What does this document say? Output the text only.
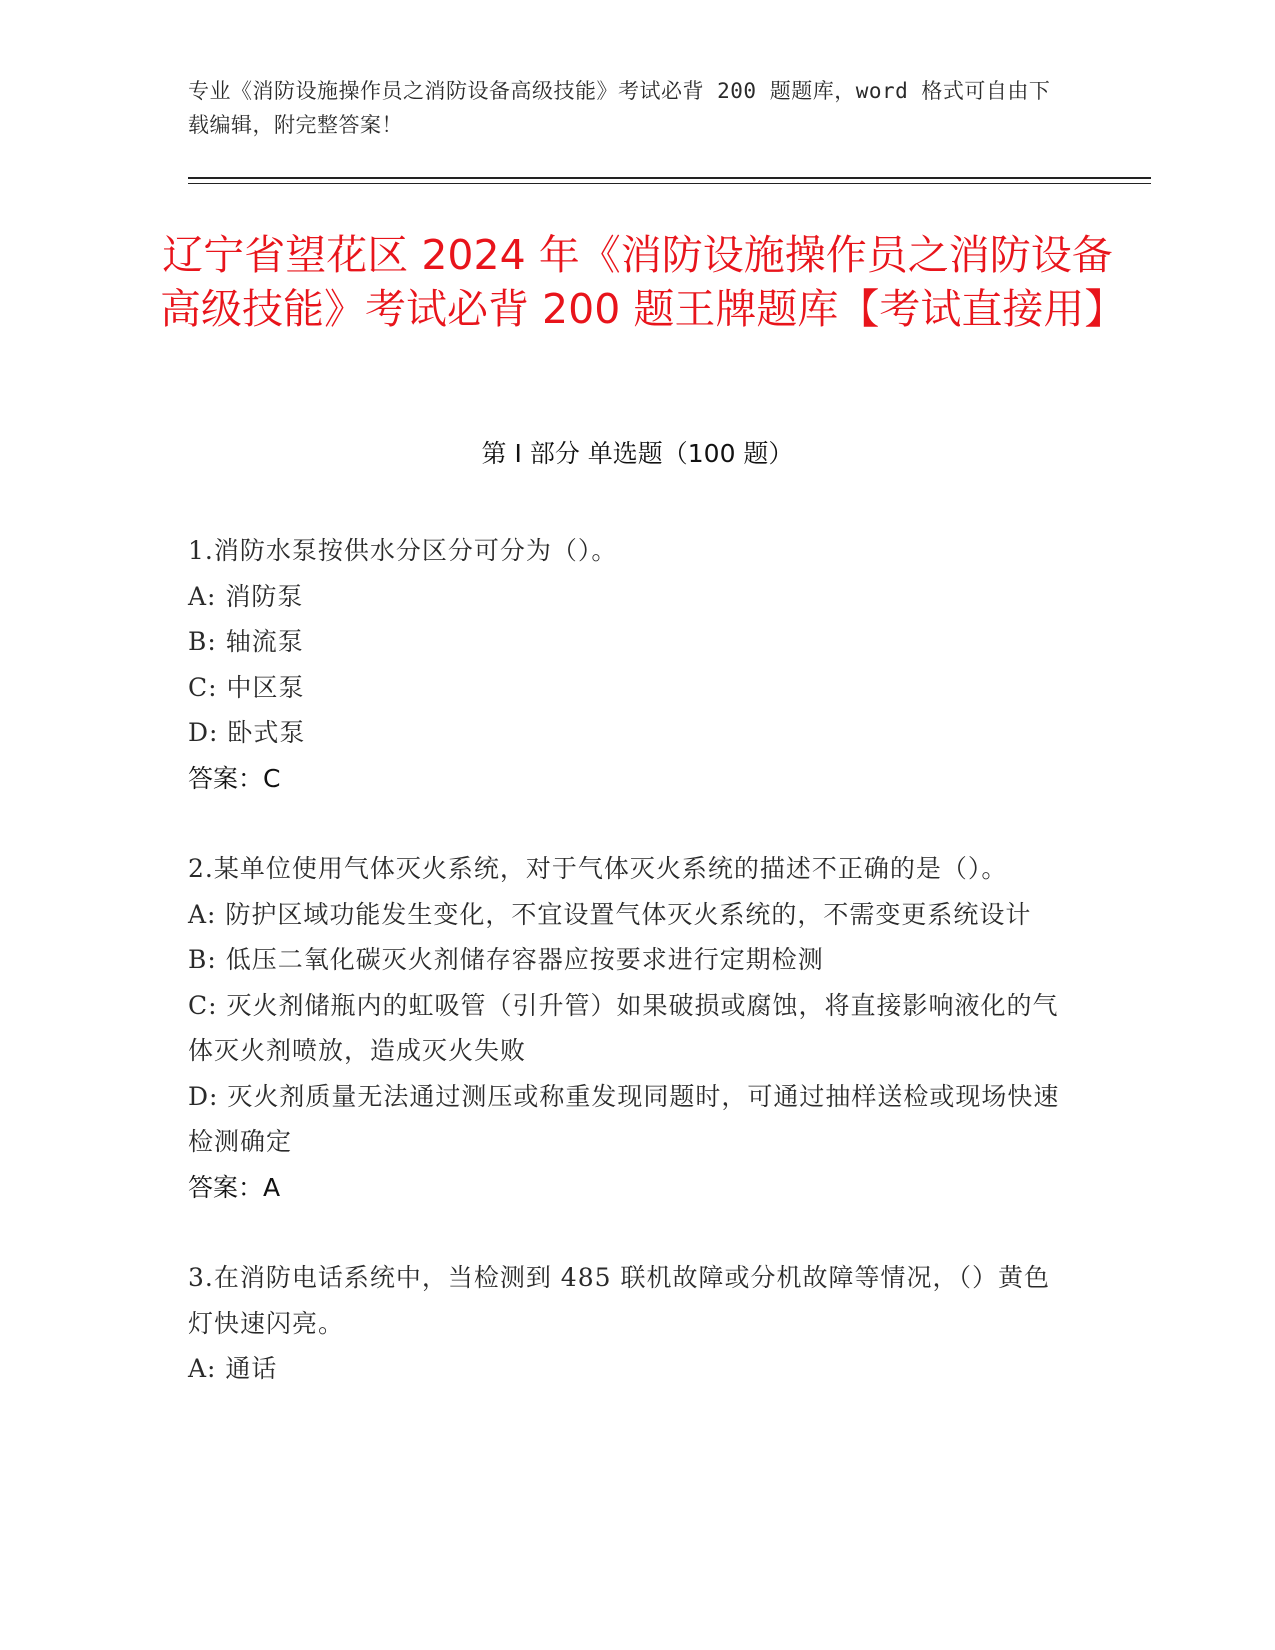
专业《消防设施操作员之消防设备高级技能》考试必背 200 题题库，word 格式可自由下载编辑，附完整答案！
辽宁省望花区 2024 年《消防设施操作员之消防设备高级技能》考试必背 200 题王牌题库【考试直接用】
第 I 部分 单选题（100 题）

1.消防水泵按供水分区分可分为（）。

A: 消防泵

B: 轴流泵

C: 中区泵

D: 卧式泵

答案：C

2.某单位使用气体灭火系统，对于气体灭火系统的描述不正确的是（）。

A: 防护区域功能发生变化，不宜设置气体灭火系统的，不需变更系统设计

B: 低压二氧化碳灭火剂储存容器应按要求进行定期检测

C: 灭火剂储瓶内的虹吸管（引升管）如果破损或腐蚀，将直接影响液化的气体灭火剂喷放，造成灭火失败

D: 灭火剂质量无法通过测压或称重发现同题时，可通过抽样送检或现场快速检测确定

答案：A

3.在消防电话系统中，当检测到 485 联机故障或分机故障等情况，（）黄色灯快速闪亮。

A: 通话
